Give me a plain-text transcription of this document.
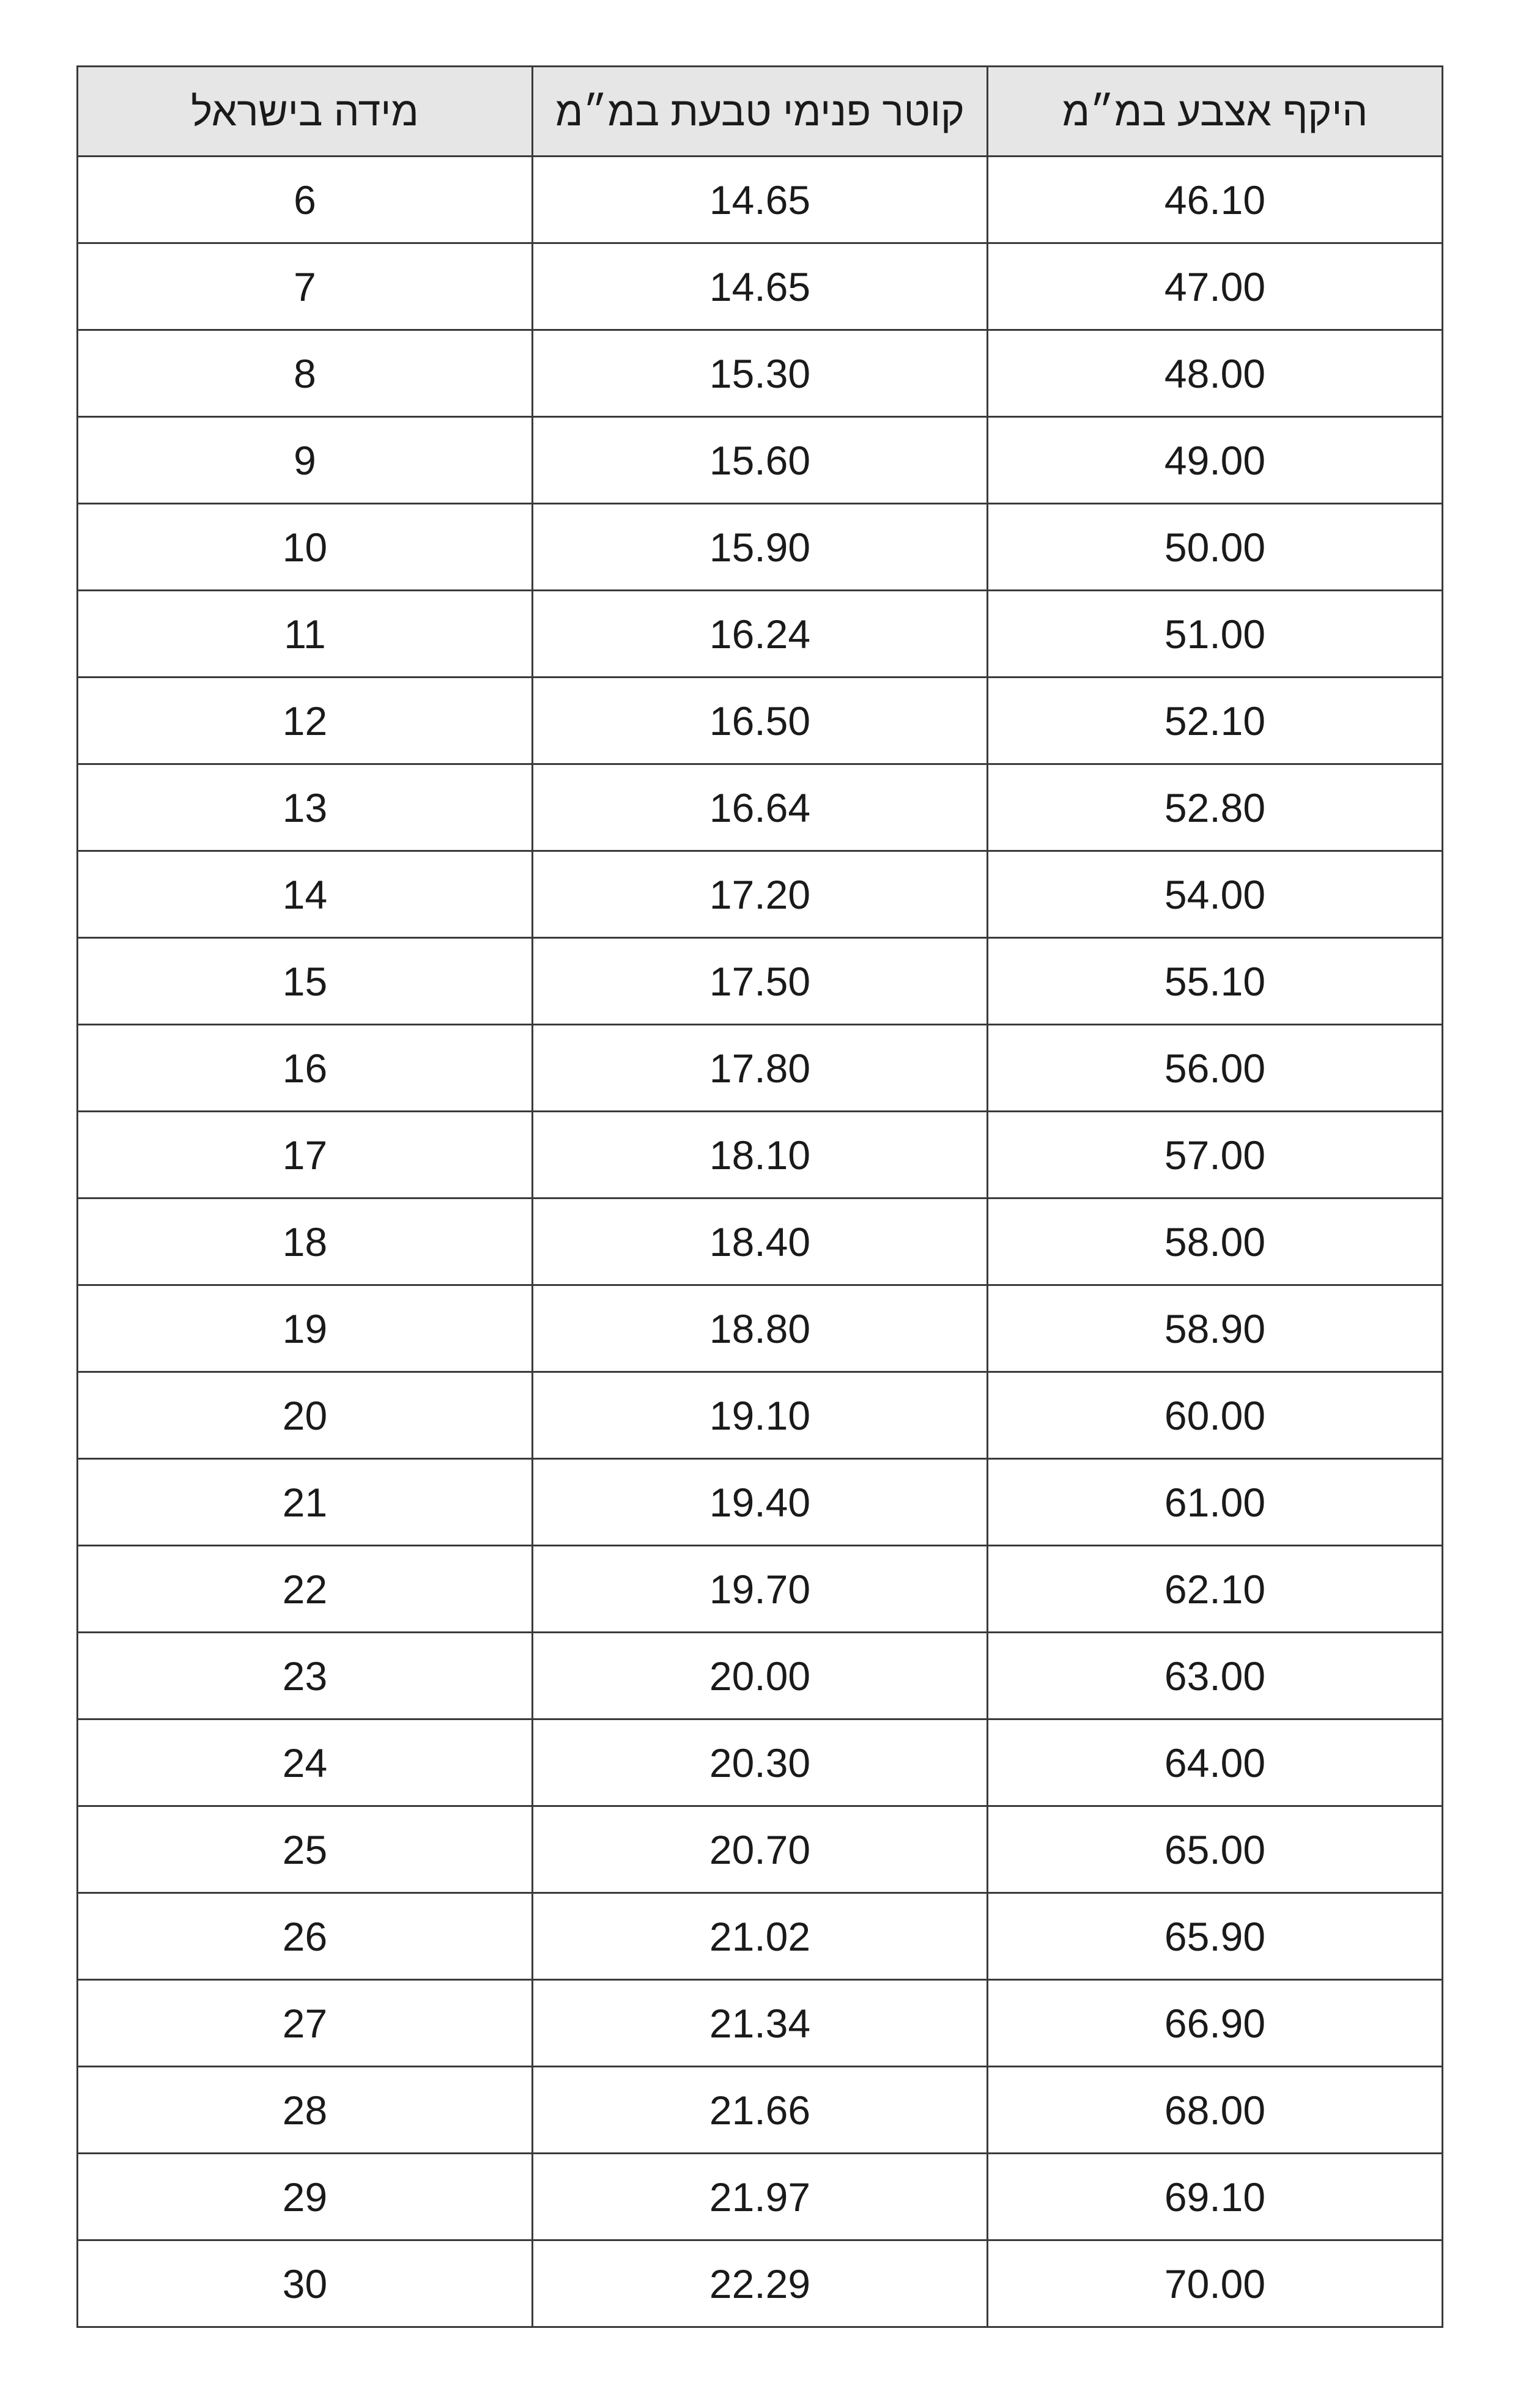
מידה בישראל	קוטר פנימי טבעת במ״מ	היקף אצבע במ״מ
6	14.65	46.10
7	14.65	47.00
8	15.30	48.00
9	15.60	49.00
10	15.90	50.00
11	16.24	51.00
12	16.50	52.10
13	16.64	52.80
14	17.20	54.00
15	17.50	55.10
16	17.80	56.00
17	18.10	57.00
18	18.40	58.00
19	18.80	58.90
20	19.10	60.00
21	19.40	61.00
22	19.70	62.10
23	20.00	63.00
24	20.30	64.00
25	20.70	65.00
26	21.02	65.90
27	21.34	66.90
28	21.66	68.00
29	21.97	69.10
30	22.29	70.00
